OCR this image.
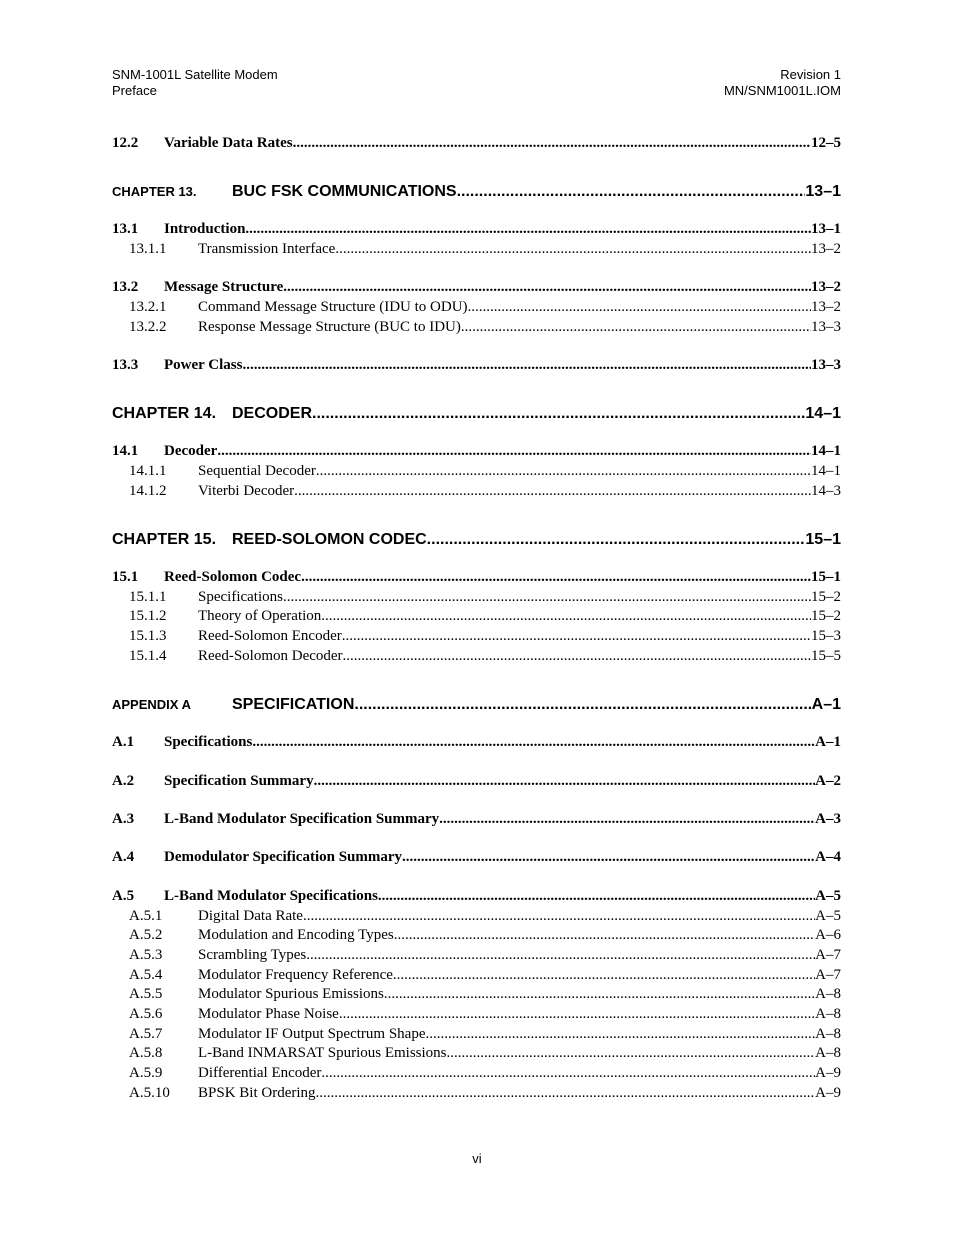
SNM-1001L Satellite Modem
Preface
Revision 1
MN/SNM1001L.IOM
12.2	Variable Data Rates .....	12–5
CHAPTER 13.	BUC FSK COMMUNICATIONS .....	13–1
13.1	Introduction .....	13–1
13.1.1	Transmission Interface .....	13–2
13.2	Message Structure .....	13–2
13.2.1	Command Message Structure (IDU to ODU) .....	13–2
13.2.2	Response Message Structure (BUC to IDU) .....	13–3
13.3	Power Class .....	13–3
CHAPTER 14. DECODER .....	14–1
14.1	Decoder .....	14–1
14.1.1	Sequential Decoder .....	14–1
14.1.2	Viterbi Decoder .....	14–3
CHAPTER 15. REED-SOLOMON CODEC .....	15–1
15.1	Reed-Solomon Codec .....	15–1
15.1.1	Specifications .....	15–2
15.1.2	Theory of Operation .....	15–2
15.1.3	Reed-Solomon Encoder .....	15–3
15.1.4	Reed-Solomon Decoder .....	15–5
APPENDIX A	SPECIFICATION .....	A–1
A.1	Specifications .....	A–1
A.2	Specification Summary .....	A–2
A.3	L-Band Modulator Specification Summary .....	A–3
A.4	Demodulator Specification Summary .....	A–4
A.5	L-Band Modulator Specifications .....	A–5
A.5.1	Digital Data Rate .....	A–5
A.5.2	Modulation and Encoding Types .....	A–6
A.5.3	Scrambling Types .....	A–7
A.5.4	Modulator Frequency Reference .....	A–7
A.5.5	Modulator Spurious Emissions .....	A–8
A.5.6	Modulator Phase Noise .....	A–8
A.5.7	Modulator IF Output Spectrum Shape .....	A–8
A.5.8	L-Band INMARSAT Spurious Emissions .....	A–8
A.5.9	Differential Encoder .....	A–9
A.5.10	BPSK Bit Ordering .....	A–9
vi
